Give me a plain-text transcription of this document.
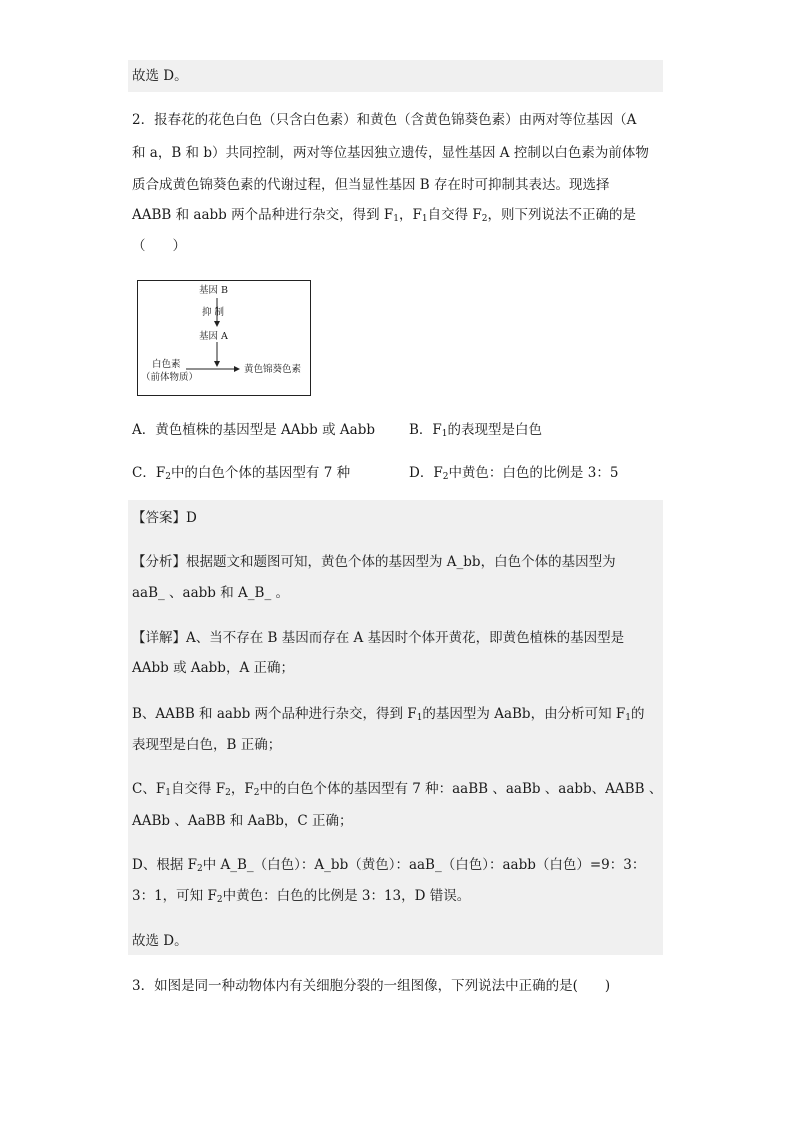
故选 D。
2．报春花的花色白色（只含白色素）和黄色（含黄色锦葵色素）由两对等位基因（A
和 a，B 和 b）共同控制，两对等位基因独立遗传，显性基因 A 控制以白色素为前体物
质合成黄色锦葵色素的代谢过程，但当显性基因 B 存在时可抑制其表达。现选择
AABB 和 aabb 两个品种进行杂交，得到 $F_1$，$F_1$自交得 $F_2$，则下列说法不正确的是
（　　）
基因 B
抑 制
基因 A
白色素
（前体物质）
黄色锦葵色素
A．黄色植株的基因型是 AAbb 或 Aabb	B．$F_1$的表现型是白色
C．$F_2$中的白色个体的基因型有 7 种	D．$F_2$中黄色：白色的比例是 3：5
【答案】D
【分析】根据题文和题图可知，黄色个体的基因型为 A_bb，白色个体的基因型为
aaB_ 、aabb 和 A_B_ 。
【详解】A、当不存在 B 基因而存在 A 基因时个体开黄花，即黄色植株的基因型是
AAbb 或 Aabb，A 正确；
B、AABB 和 aabb 两个品种进行杂交，得到 $F_1$的基因型为 AaBb，由分析可知 $F_1$的
表现型是白色，B 正确；
C、$F_1$自交得 $F_2$，$F_2$中的白色个体的基因型有 7 种：aaBB 、aaBb 、aabb、AABB 、
AABb 、AaBB 和 AaBb，C 正确；
D、根据 $F_2$中 A_B_（白色）：A_bb（黄色）：aaB_（白色）：aabb（白色）=9：3：
3：1，可知 $F_2$中黄色：白色的比例是 3：13，D 错误。
故选 D。
3．如图是同一种动物体内有关细胞分裂的一组图像，下列说法中正确的是(　　)
